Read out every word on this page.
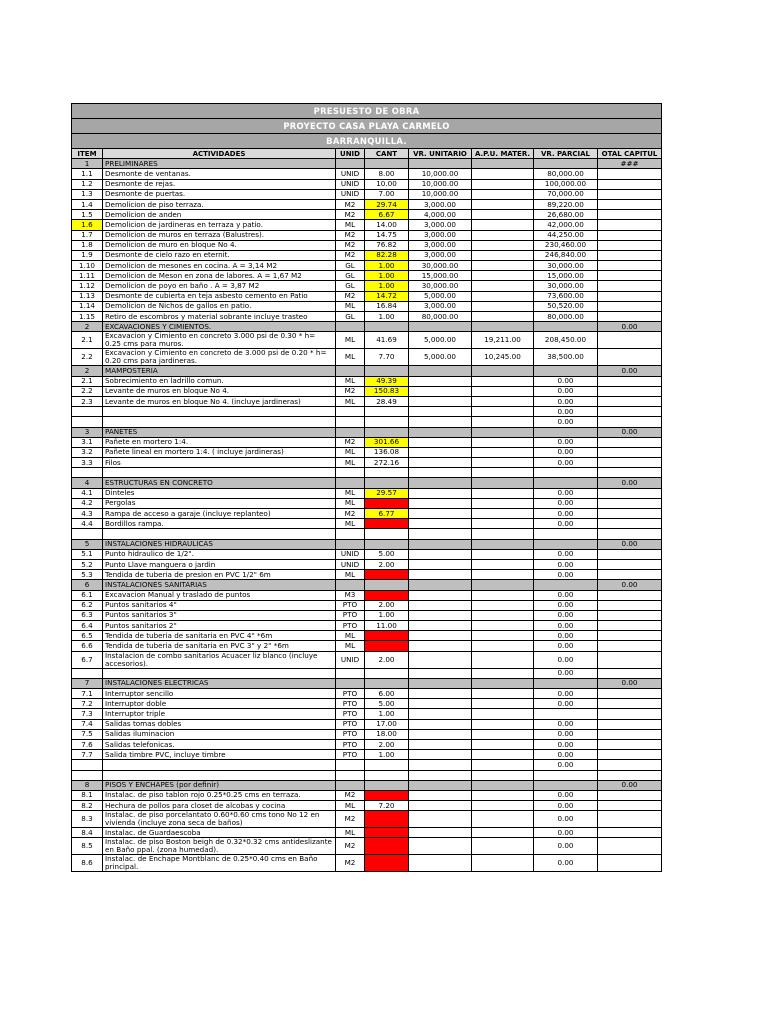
PRESUESTO DE OBRA							
PROYECTO CASA PLAYA CARMELO							
BARRANQUILLA.							
ITEM	ACTIVIDADES	UNID	CANT	VR. UNITARIO	A.P.U. MATER.	VR. PARCIAL	OTAL CAPITUL
1	PRELIMINARES						###
1.1	Desmonte de ventanas.	UNID	8.00	10,000.00		80,000.00	
1.2	Desmonte de rejas.	UNID	10.00	10,000.00		100,000.00	
1.3	Desmonte de puertas.	UNID	7.00	10,000.00		70,000.00	
1.4	Demolicion de piso terraza.	M2	29.74	3,000.00		89,220.00	
1.5	Demolicion de anden	M2	6.67	4,000.00		26,680.00	
1.6	Demolicion de jardineras en terraza y patio.	ML	14.00	3,000.00		42,000.00	
1.7	Demolicion de muros en terraza (Balustres).	M2	14.75	3,000.00		44,250.00	
1.8	Demolicion de muro en bloque No 4.	M2	76.82	3,000.00		230,460.00	
1.9	Desmonte de cielo razo en eternit.	M2	82.28	3,000.00		246,840.00	
1.10	Demolicion de mesones en cocina. A = 3,14 M2	GL	1.00	30,000.00		30,000.00	
1.11	Demolicion de Meson en zona de labores. A = 1,67 M2	GL	1.00	15,000.00		15,000.00	
1.12	Demolicion de poyo en baño . A = 3,87 M2	GL	1.00	30,000.00		30,000.00	
1.13	Desmonte de cubierta en teja asbesto cemento en Patio	M2	14.72	5,000.00		73,600.00	
1.14	Demolicion de Nichos de gallos en patio.	ML	16.84	3,000.00		50,520.00	
1.15	Retiro de escombros y material sobrante incluye trasteo	GL	1.00	80,000.00		80,000.00	
2	EXCAVACIONES Y CIMIENTOS.						0.00
2.1	Excavacion y Cimiento en concreto 3.000 psi de 0.30 * h= 0.25 cms para muros.	ML	41.69	5,000.00	19,211.00	208,450.00	
2.2	Excavacion y Cimiento en concreto de 3.000 psi de 0.20 * h= 0.20 cms para jardineras.	ML	7.70	5,000.00	10,245.00	38,500.00	
2	MAMPOSTERIA						0.00
2.1	Sobrecimiento en ladrillo comun.	ML	49.39			0.00	
2.2	Levante de muros en bloque No 4.	M2	150.83			0.00	
2.3	Levante de muros en bloque No 4. (incluye jardineras)	ML	28.49			0.00	
						0.00	
						0.00	
3	PAÑETES						0.00
3.1	Pañete en mortero 1:4.	M2	301.66			0.00	
3.2	Pañete lineal en mortero 1:4. ( incluye jardineras)	ML	136.08			0.00	
3.3	Filos	ML	272.16			0.00	

4	ESTRUCTURAS EN CONCRETO						0.00
4.1	Dinteles	ML	29.57			0.00	
4.2	Pergolas	ML				0.00	
4.3	Rampa de acceso a garaje (incluye replanteo)	M2	6.77			0.00	
4.4	Bordillos rampa.	ML				0.00	

5	INSTALACIONES HIDRAULICAS						0.00
5.1	Punto hidraulico de 1/2".	UNID	5.00			0.00	
5.2	Punto Llave manguera o jardin	UNID	2.00			0.00	
5.3	Tendida de tuberia de presion en PVC 1/2" 6m	ML				0.00	
6	INSTALACIONES SANITARIAS						0.00
6.1	Excavacion Manual y traslado de puntos	M3				0.00	
6.2	Puntos sanitarios 4"	PTO	2.00			0.00	
6.3	Puntos sanitarios 3"	PTO	1.00			0.00	
6.4	Puntos sanitarios 2"	PTO	11.00			0.00	
6.5	Tendida de tuberia de sanitaria en PVC 4" *6m	ML				0.00	
6.6	Tendida de tuberia de sanitaria en PVC 3" y 2" *6m	ML				0.00	
6.7	Instalacion de combo sanitarios Acuacer liz blanco (incluye accesorios).	UNID	2.00			0.00	
						0.00	
7	INSTALACIONES ELECTRICAS						0.00
7.1	Interruptor sencillo	PTO	6.00			0.00	
7.2	Interruptor doble	PTO	5.00			0.00	
7.3	Interruptor triple	PTO	1.00				
7.4	Salidas tomas dobles	PTO	17.00			0.00	
7.5	Salidas iluminacion	PTO	18.00			0.00	
7.6	Salidas telefonicas.	PTO	2.00			0.00	
7.7	Salida timbre PVC, incluye timbre	PTO	1.00			0.00	
						0.00	

8	PISOS Y ENCHAPES (por definir)						0.00
8.1	Instalac. de piso tablon rojo 0.25*0.25 cms en terraza.	M2				0.00	
8.2	Hechura de pollos para closet de alcobas y cocina	ML	7.20			0.00	
8.3	Instalac. de piso porcelantato 0.60*0.60 cms tono No 12 en vivienda (incluye zona seca de baños)	M2				0.00	
8.4	Instalac. de Guardaescoba	ML				0.00	
8.5	Instalac. de piso Boston beigh de 0.32*0.32 cms antideslizante en Baño ppal. (zona humedad).	M2				0.00	
8.6	Instalac. de Enchape Montblanc de 0.25*0.40 cms en Baño principal.	M2				0.00	
